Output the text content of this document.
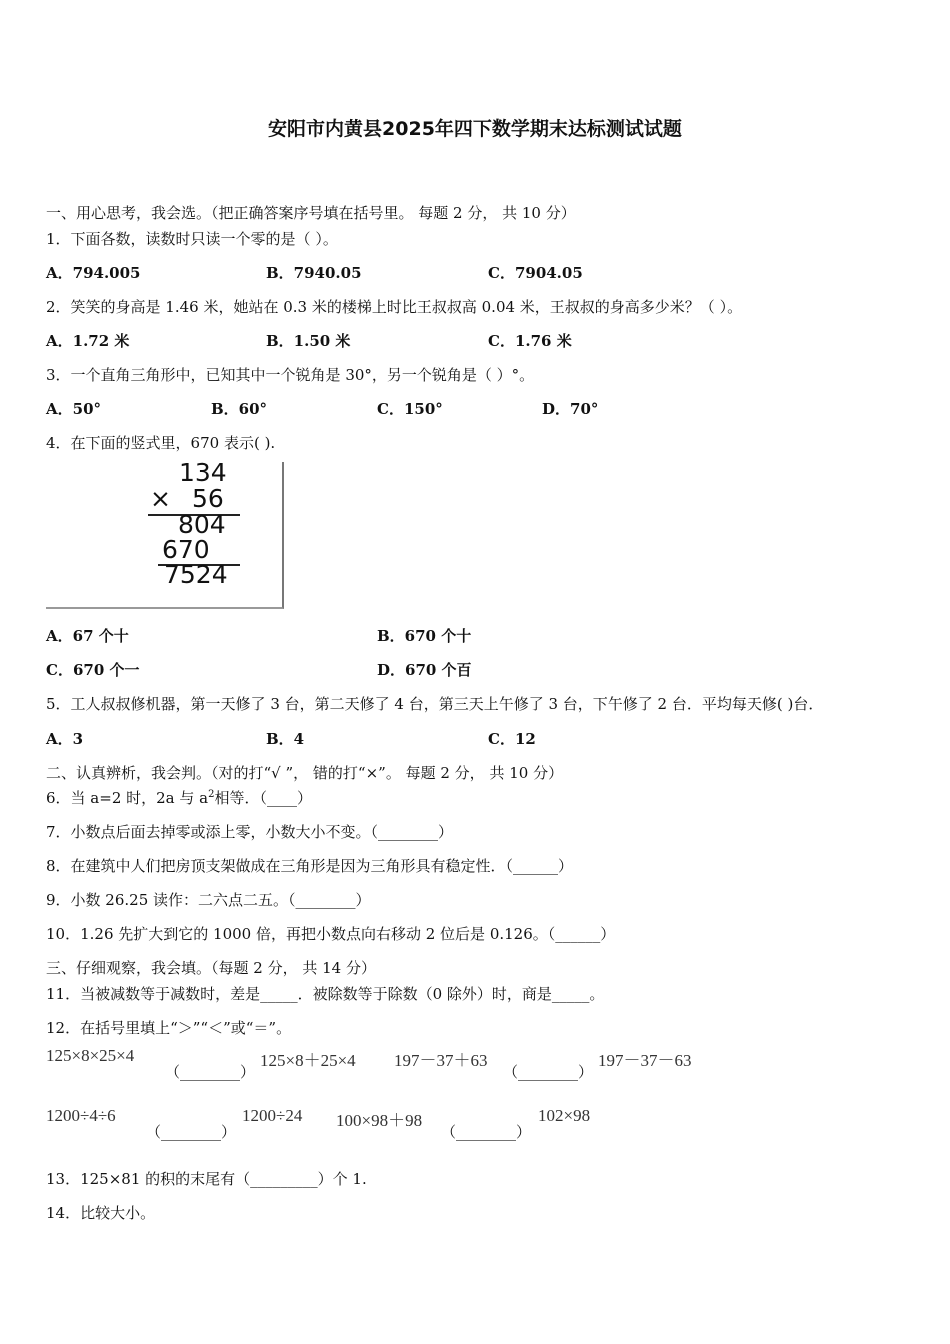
安阳市内黄县2025年四下数学期末达标测试试题
一、用心思考，我会选。（把正确答案序号填在括号里。 每题 2 分， 共 10 分）
1．下面各数，读数时只读一个零的是（ ）。
A．794.005	B．7940.05	C．7904.05
2．笑笑的身高是 1.46 米，她站在 0.3 米的楼梯上时比王叔叔高 0.04 米，王叔叔的身高多少米？（ ）。
A．1.72 米	B．1.50 米	C．1.76 米
3．一个直角三角形中，已知其中一个锐角是 30°，另一个锐角是（ ）°。
A．50°	B．60°	C．150°	D．70°
4．在下面的竖式里，670 表示( ).
134
× 56
804
670
7524
A．67 个十	B．670 个十
C．670 个一	D．670 个百
5．工人叔叔修机器，第一天修了 3 台，第二天修了 4 台，第三天上午修了 3 台，下午修了 2 台．平均每天修( )台．
A．3	B．4	C．12
二、认真辨析，我会判。（对的打“√ ”， 错的打“×”。 每题 2 分， 共 10 分）
6．当 a=2 时，2a 与 $a^2$相等．（____）
7．小数点后面去掉零或添上零，小数大小不变。（________）
8．在建筑中人们把房顶支架做成在三角形是因为三角形具有稳定性．（______）
9．小数 26.25 读作：二六点二五。（________）
10．1.26 先扩大到它的 1000 倍，再把小数点向右移动 2 位后是 0.126。（______）
三、仔细观察，我会填。（每题 2 分， 共 14 分）
11．当被减数等于减数时，差是_____．被除数等于除数（0 除外）时，商是_____。
12．在括号里填上“＞”“＜”或“＝”。
125×8×25×4
（________）
125×8＋25×4 197－37＋63
（________）
197－37－63
1200÷4÷6
（________）
1200÷24 100×98＋98
（________）
102×98
13．125×81 的积的末尾有（_________）个 1.
14．比较大小。
